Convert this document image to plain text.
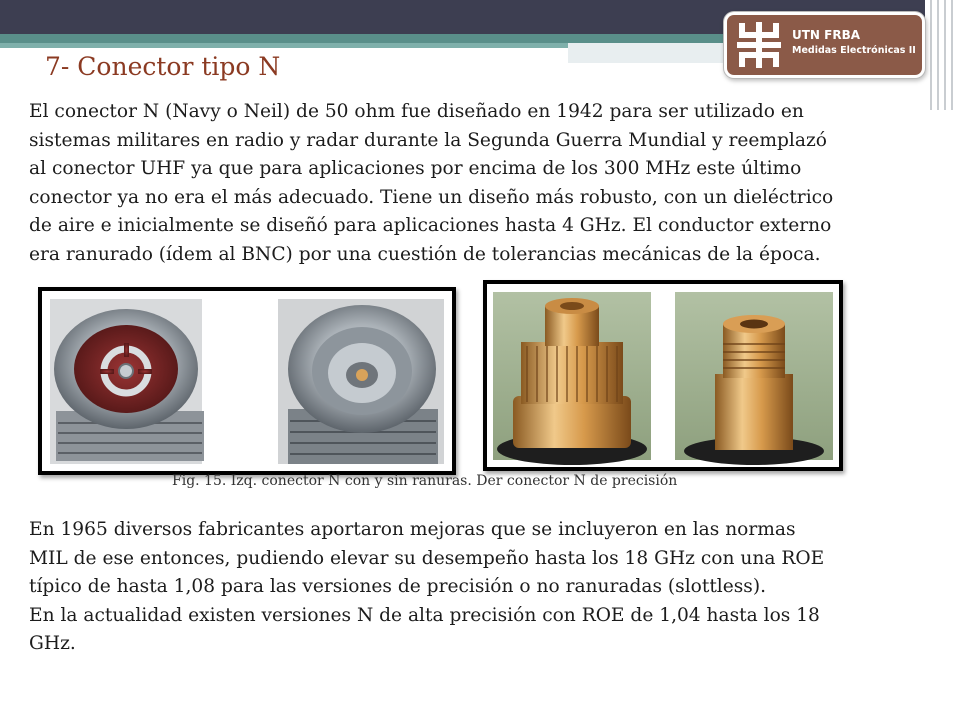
UTN FRBA
Medidas Electrónicas II
7- Conector tipo N

El conector N (Navy o Neil) de 50 ohm fue diseñado en 1942 para ser utilizado en
sistemas militares en radio y radar durante la Segunda Guerra Mundial y reemplazó
al conector UHF ya que para aplicaciones por encima de los 300 MHz este último
conector ya no era el más adecuado. Tiene un diseño más robusto, con un dieléctrico
de aire e inicialmente se diseñó para aplicaciones hasta 4 GHz. El conductor externo
era ranurado (ídem al BNC) por una cuestión de tolerancias mecánicas de la época.

Fig. 15. Izq. conector N con y sin ranuras. Der conector N de precisión

En 1965 diversos fabricantes aportaron mejoras que se incluyeron en las normas
MIL de ese entonces, pudiendo elevar su desempeño hasta los 18 GHz con una ROE
típico de hasta 1,08 para las versiones de precisión o no ranuradas (slottless).
En la actualidad existen versiones N de alta precisión con ROE de 1,04 hasta los 18
GHz.
